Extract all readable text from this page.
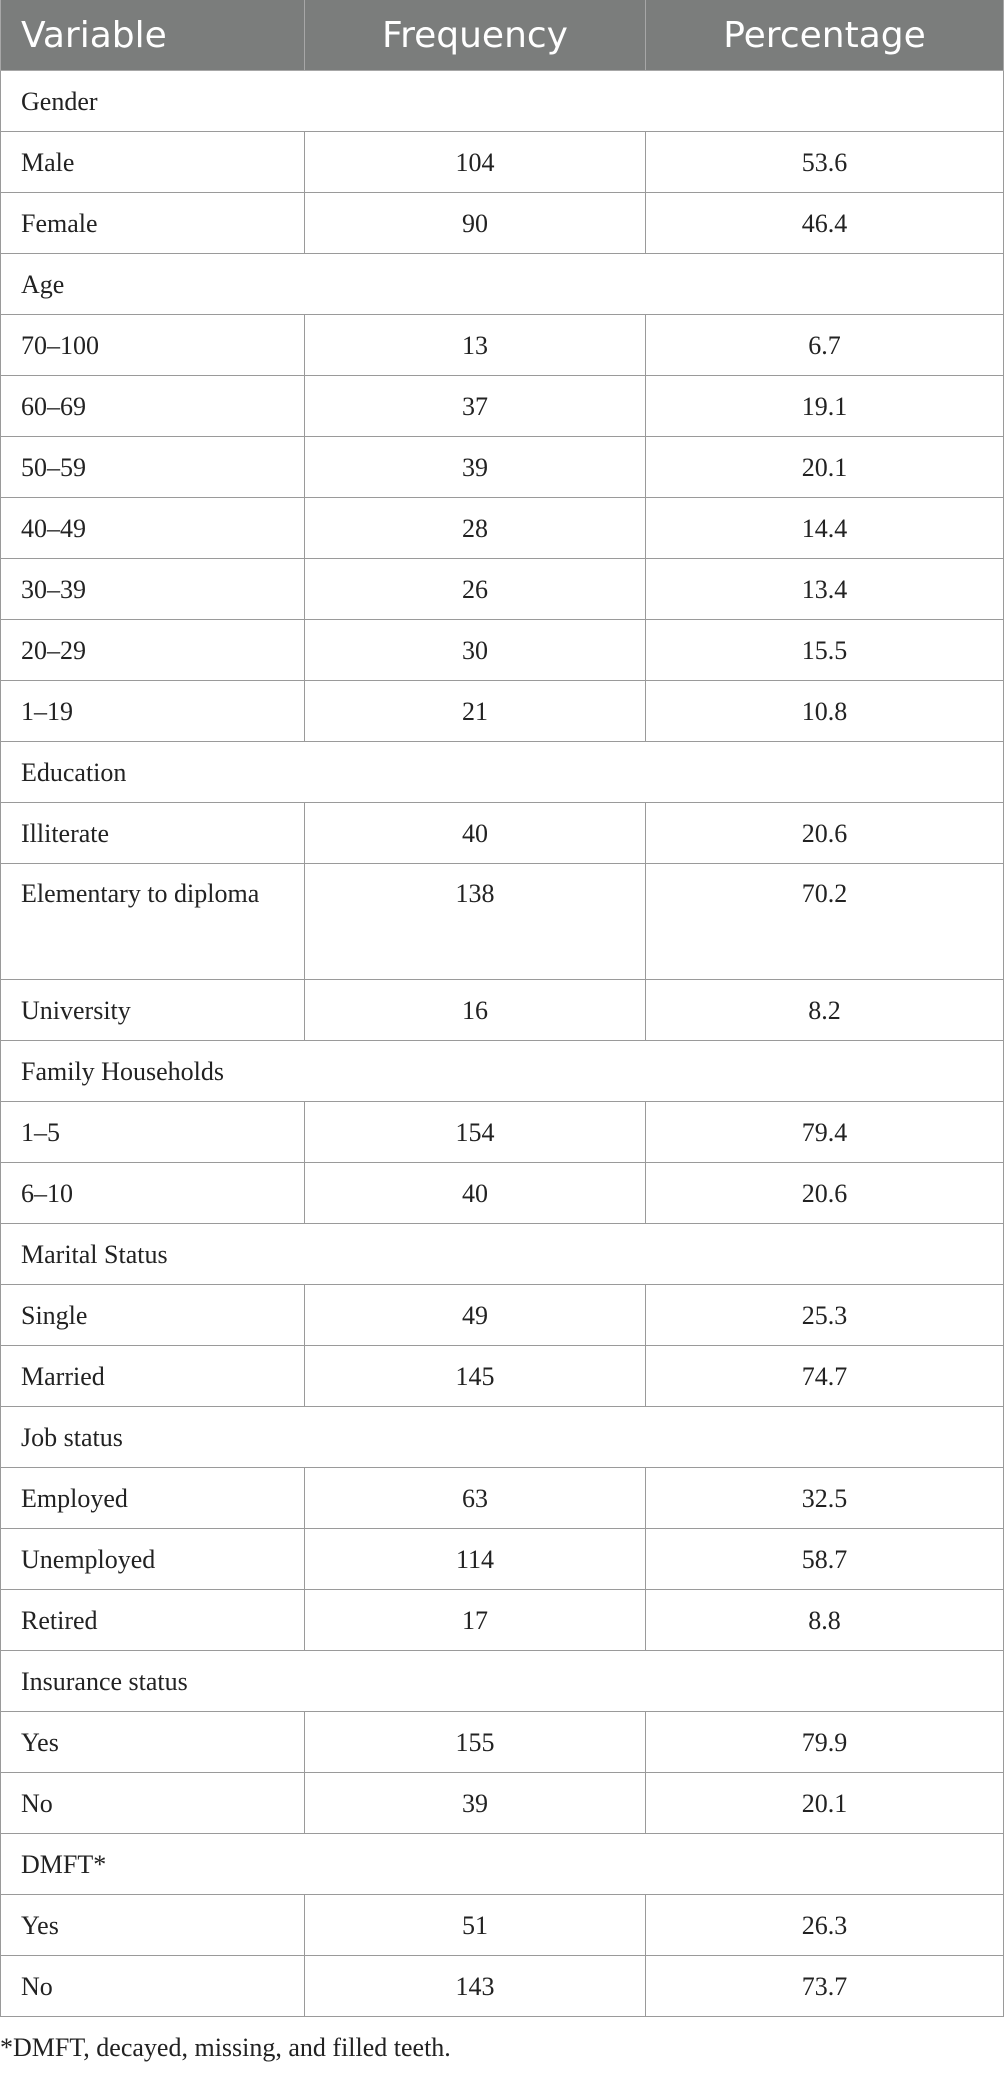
Variable	Frequency	Percentage
Gender		
Male	104	53.6
Female	90	46.4
Age		
70–100	13	6.7
60–69	37	19.1
50–59	39	20.1
40–49	28	14.4
30–39	26	13.4
20–29	30	15.5
1–19	21	10.8
Education		
Illiterate	40	20.6
Elementary to diploma	138	70.2
University	16	8.2
Family Households		
1–5	154	79.4
6–10	40	20.6
Marital Status		
Single	49	25.3
Married	145	74.7
Job status		
Employed	63	32.5
Unemployed	114	58.7
Retired	17	8.8
Insurance status		
Yes	155	79.9
No	39	20.1
DMFT*		
Yes	51	26.3
No	143	73.7
*DMFT, decayed, missing, and filled teeth.
